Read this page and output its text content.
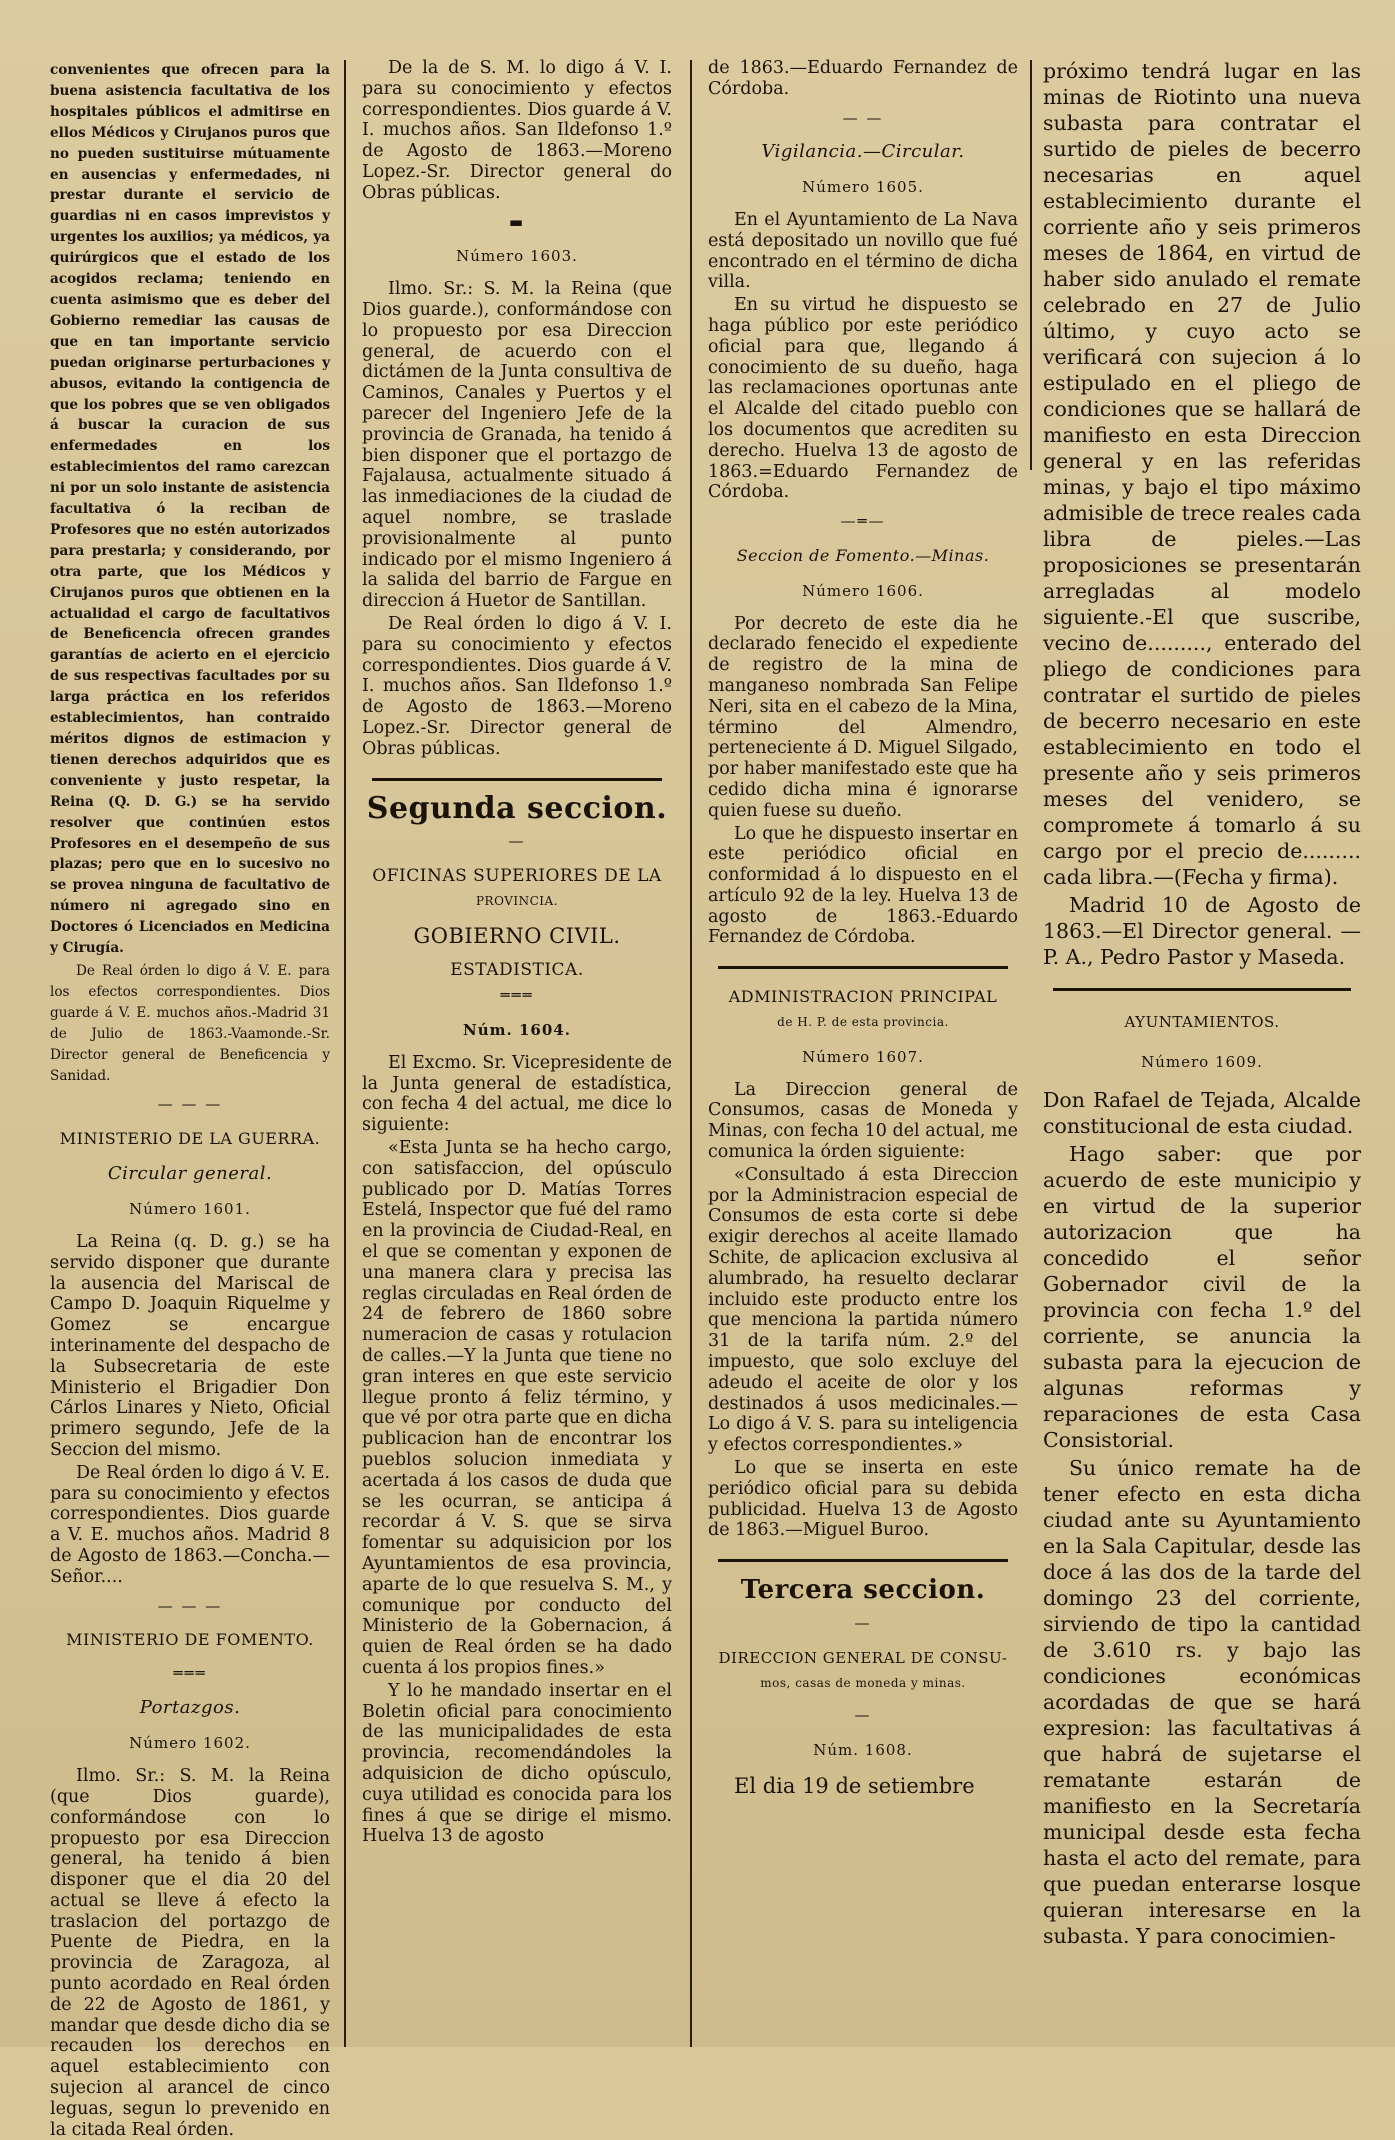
convenientes que ofrecen para la buena asistencia facultativa de los hospitales públicos el admitirse en ellos Médicos y Cirujanos puros que no pueden sustituirse mútuamente en ausencias y enfermedades, ni prestar durante el servicio de guardias ni en casos imprevistos y urgentes los auxilios; ya médicos, ya quirúrgicos que el estado de los acogidos reclama; teniendo en cuenta asimismo que es deber del Gobierno remediar las causas de que en tan importante servicio puedan originarse perturbaciones y abusos, evitando la contigencia de que los pobres que se ven obligados á buscar la curacion de sus enfermedades en los establecimientos del ramo carezcan ni por un solo instante de asistencia facultativa ó la reciban de Profesores que no estén autorizados para prestarla; y considerando, por otra parte, que los Médicos y Cirujanos puros que obtienen en la actualidad el cargo de facultativos de Beneficencia ofrecen grandes garantías de acierto en el ejercicio de sus respectivas facultades por su larga práctica en los referidos establecimientos, han contraido méritos dignos de estimacion y tienen derechos adquiridos que es conveniente y justo respetar, la Reina (Q. D. G.) se ha servido resolver que continúen estos Profesores en el desempeño de sus plazas; pero que en lo sucesivo no se provea ninguna de facultativo de número ni agregado sino en Doctores ó Licenciados en Medicina y Cirugía.

De Real órden lo digo á V. E. para los efectos correspondientes. Dios guarde á V. E. muchos años.-Madrid 31 de Julio de 1863.-Vaamonde.-Sr. Director general de Beneficencia y Sanidad.

— — —
MINISTERIO DE LA GUERRA.
Circular general.
Número 1601.

La Reina (q. D. g.) se ha servido disponer que durante la ausencia del Mariscal de Campo D. Joaquin Riquelme y Gomez se encargue interinamente del despacho de la Subsecretaria de este Ministerio el Brigadier Don Cárlos Linares y Nieto, Oficial primero segundo, Jefe de la Seccion del mismo.

De Real órden lo digo á V. E. para su conocimiento y efectos correspondientes. Dios guarde a V. E. muchos años. Madrid 8 de Agosto de 1863.—Concha.—Señor....

— — —
MINISTERIO DE FOMENTO.
═══
Portazgos.
Número 1602.

Ilmo. Sr.: S. M. la Reina (que Dios guarde), conformándose con lo propuesto por esa Direccion general, ha tenido á bien disponer que el dia 20 del actual se lleve á efecto la traslacion del portazgo de Puente de Piedra, en la provincia de Zaragoza, al punto acordado en Real órden de 22 de Agosto de 1861, y mandar que desde dicho dia se recauden los derechos en aquel establecimiento con sujecion al arancel de cinco leguas, segun lo prevenido en la citada Real órden.

De la de S. M. lo digo á V. I. para su conocimiento y efectos correspondientes. Dios guarde á V. I. muchos años. San Ildefonso 1.º de Agosto de 1863.—Moreno Lopez.-Sr. Director general do Obras públicas.

▬
Número 1603.

Ilmo. Sr.: S. M. la Reina (que Dios guarde.), conformándose con lo propuesto por esa Direccion general, de acuerdo con el dictámen de la Junta consultiva de Caminos, Canales y Puertos y el parecer del Ingeniero Jefe de la provincia de Granada, ha tenido á bien disponer que el portazgo de Fajalausa, actualmente situado á las inmediaciones de la ciudad de aquel nombre, se traslade provisionalmente al punto indicado por el mismo Ingeniero á la salida del barrio de Fargue en direccion á Huetor de Santillan.

De Real órden lo digo á V. I. para su conocimiento y efectos correspondientes. Dios guarde á V. I. muchos años. San Ildefonso 1.º de Agosto de 1863.—Moreno Lopez.-Sr. Director general de Obras públicas.

Segunda seccion.
—
OFICINAS SUPERIORES DE LA
PROVINCIA.
GOBIERNO CIVIL.
ESTADISTICA.
═══
Núm. 1604.

El Excmo. Sr. Vicepresidente de la Junta general de estadística, con fecha 4 del actual, me dice lo siguiente:

«Esta Junta se ha hecho cargo, con satisfaccion, del opúsculo publicado por D. Matías Torres Estelá, Inspector que fué del ramo en la provincia de Ciudad-Real, en el que se comentan y exponen de una manera clara y precisa las reglas circuladas en Real órden de 24 de febrero de 1860 sobre numeracion de casas y rotulacion de calles.—Y la Junta que tiene no gran interes en que este servicio llegue pronto á feliz término, y que vé por otra parte que en dicha publicacion han de encontrar los pueblos solucion inmediata y acertada á los casos de duda que se les ocurran, se anticipa á recordar á V. S. que se sirva fomentar su adquisicion por los Ayuntamientos de esa provincia, aparte de lo que resuelva S. M., y comunique por conducto del Ministerio de la Gobernacion, á quien de Real órden se ha dado cuenta á los propios fines.»

Y lo he mandado insertar en el Boletin oficial para conocimiento de las municipalidades de esta provincia, recomendándoles la adquisicion de dicho opúsculo, cuya utilidad es conocida para los fines á que se dirige el mismo. Huelva 13 de agosto

de 1863.—Eduardo Fernandez de Córdoba.

— —
Vigilancia.—Circular.
Número 1605.

En el Ayuntamiento de La Nava está depositado un novillo que fué encontrado en el término de dicha villa.

En su virtud he dispuesto se haga público por este periódico oficial para que, llegando á conocimiento de su dueño, haga las reclamaciones oportunas ante el Alcalde del citado pueblo con los documentos que acrediten su derecho. Huelva 13 de agosto de 1863.=Eduardo Fernandez de Córdoba.

—═—
Seccion de Fomento.—Minas.
Número 1606.

Por decreto de este dia he declarado fenecido el expediente de registro de la mina de manganeso nombrada San Felipe Neri, sita en el cabezo de la Mina, término del Almendro, perteneciente á D. Miguel Silgado, por haber manifestado este que ha cedido dicha mina é ignorarse quien fuese su dueño.

Lo que he dispuesto insertar en este periódico oficial en conformidad á lo dispuesto en el artículo 92 de la ley. Huelva 13 de agosto de 1863.-Eduardo Fernandez de Córdoba.

ADMINISTRACION PRINCIPAL
de H. P. de esta provincia.
Número 1607.

La Direccion general de Consumos, casas de Moneda y Minas, con fecha 10 del actual, me comunica la órden siguiente:

«Consultado á esta Direccion por la Administracion especial de Consumos de esta corte si debe exigir derechos al aceite llamado Schite, de aplicacion exclusiva al alumbrado, ha resuelto declarar incluido este producto entre los que menciona la partida número 31 de la tarifa núm. 2.º del impuesto, que solo excluye del adeudo el aceite de olor y los destinados á usos medicinales.—Lo digo á V. S. para su inteligencia y efectos correspondientes.»

Lo que se inserta en este periódico oficial para su debida publicidad. Huelva 13 de Agosto de 1863.—Miguel Buroo.

Tercera seccion.
—
DIRECCION GENERAL DE CONSU-
mos, casas de moneda y minas.
—
Núm. 1608.

El dia 19 de setiembre

próximo tendrá lugar en las minas de Riotinto una nueva subasta para contratar el surtido de pieles de becerro necesarias en aquel establecimiento durante el corriente año y seis primeros meses de 1864, en virtud de haber sido anulado el remate celebrado en 27 de Julio último, y cuyo acto se verificará con sujecion á lo estipulado en el pliego de condiciones que se hallará de manifiesto en esta Direccion general y en las referidas minas, y bajo el tipo máximo admisible de trece reales cada libra de pieles.—Las proposiciones se presentarán arregladas al modelo siguiente.-El que suscribe, vecino de........., enterado del pliego de condiciones para contratar el surtido de pieles de becerro necesario en este establecimiento en todo el presente año y seis primeros meses del venidero, se compromete á tomarlo á su cargo por el precio de......... cada libra.—(Fecha y firma).

Madrid 10 de Agosto de 1863.—El Director general. —P. A., Pedro Pastor y Maseda.

AYUNTAMIENTOS.
Número 1609.

Don Rafael de Tejada, Alcalde constitucional de esta ciudad.

Hago saber: que por acuerdo de este municipio y en virtud de la superior autorizacion que ha concedido el señor Gobernador civil de la provincia con fecha 1.º del corriente, se anuncia la subasta para la ejecucion de algunas reformas y reparaciones de esta Casa Consistorial.

Su único remate ha de tener efecto en esta dicha ciudad ante su Ayuntamiento en la Sala Capitular, desde las doce á las dos de la tarde del domingo 23 del corriente, sirviendo de tipo la cantidad de 3.610 rs. y bajo las condiciones económicas acordadas de que se hará expresion: las facultativas á que habrá de sujetarse el rematante estarán de manifiesto en la Secretaría municipal desde esta fecha hasta el acto del remate, para que puedan enterarse losque quieran interesarse en la subasta. Y para conocimien-
